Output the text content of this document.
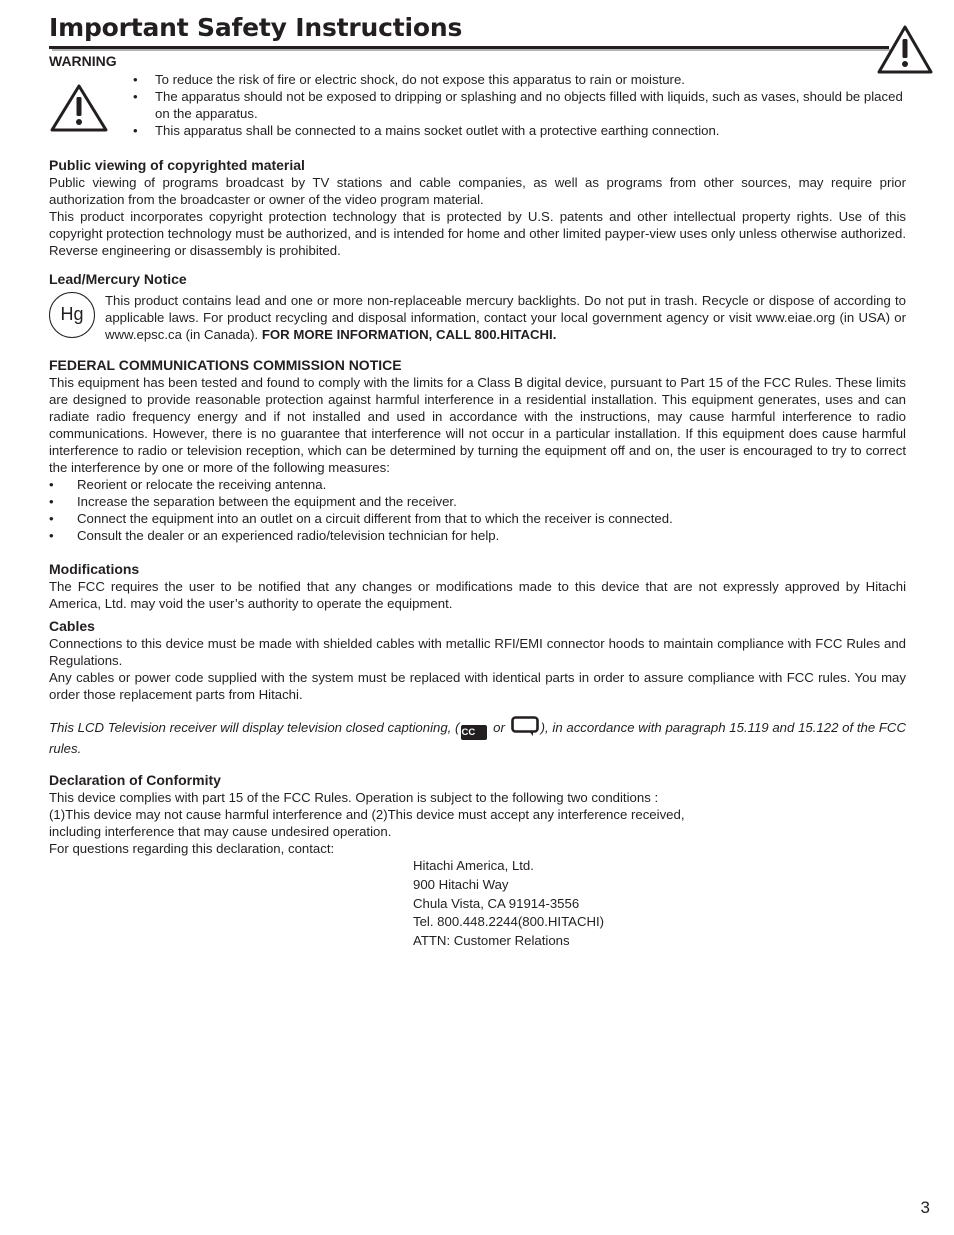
Important Safety Instructions
WARNING
• To reduce the risk of fire or electric shock, do not expose this apparatus to rain or moisture.
• The apparatus should not be exposed to dripping or splashing and no objects filled with liquids, such as vases, should be placed on the apparatus.
• This apparatus shall be connected to a mains socket outlet with a protective earthing connection.
Public viewing of copyrighted material

Public viewing of programs broadcast by TV stations and cable companies, as well as programs from other sources, may require prior authorization from the broadcaster or owner of the video program material.

This product incorporates copyright protection technology that is protected by U.S. patents and other intellectual property rights. Use of this copyright protection technology must be authorized, and is intended for home and other limited payper-view uses only unless otherwise authorized. Reverse engineering or disassembly is prohibited.

Lead/Mercury Notice
Hg

This product contains lead and one or more non-replaceable mercury backlights. Do not put in trash. Recycle or dispose of according to applicable laws. For product recycling and disposal information, contact your local government agency or visit www.eiae.org (in USA) or www.epsc.ca (in Canada). FOR MORE INFORMATION, CALL 800.HITACHI.

FEDERAL COMMUNICATIONS COMMISSION NOTICE

This equipment has been tested and found to comply with the limits for a Class B digital device, pursuant to Part 15 of the FCC Rules. These limits are designed to provide reasonable protection against harmful interference in a residential installation. This equipment generates, uses and can radiate radio frequency energy and if not installed and used in accordance with the instructions, may cause harmful interference to radio communications. However, there is no guarantee that interference will not occur in a particular installation. If this equipment does cause harmful interference to radio or television reception, which can be determined by turning the equipment off and on, the user is encouraged to try to correct the interference by one or more of the following measures:

• Reorient or relocate the receiving antenna.
• Increase the separation between the equipment and the receiver.
• Connect the equipment into an outlet on a circuit different from that to which the receiver is connected.
• Consult the dealer or an experienced radio/television technician for help.
Modifications

The FCC requires the user to be notified that any changes or modifications made to this device that are not expressly approved by Hitachi America, Ltd. may void the user’s authority to operate the equipment.

Cables

Connections to this device must be made with shielded cables with metallic RFI/EMI connector hoods to maintain compliance with FCC Rules and Regulations.

Any cables or power code supplied with the system must be replaced with identical parts in order to assure compliance with FCC rules. You may order those replacement parts from Hitachi.

This LCD Television receiver will display television closed captioning, ( CC or	), in accordance with paragraph 15.119 and 15.122 of the FCC rules.

Declaration of Conformity
This device complies with part 15 of the FCC Rules. Operation is subject to the following two conditions :
(1)This device may not cause harmful interference and (2)This device must accept any interference received,
including interference that may cause undesired operation.
For questions regarding this declaration, contact:
Hitachi America, Ltd.
900 Hitachi Way
Chula Vista, CA 91914-3556
Tel. 800.448.2244(800.HITACHI)
ATTN: Customer Relations
3
